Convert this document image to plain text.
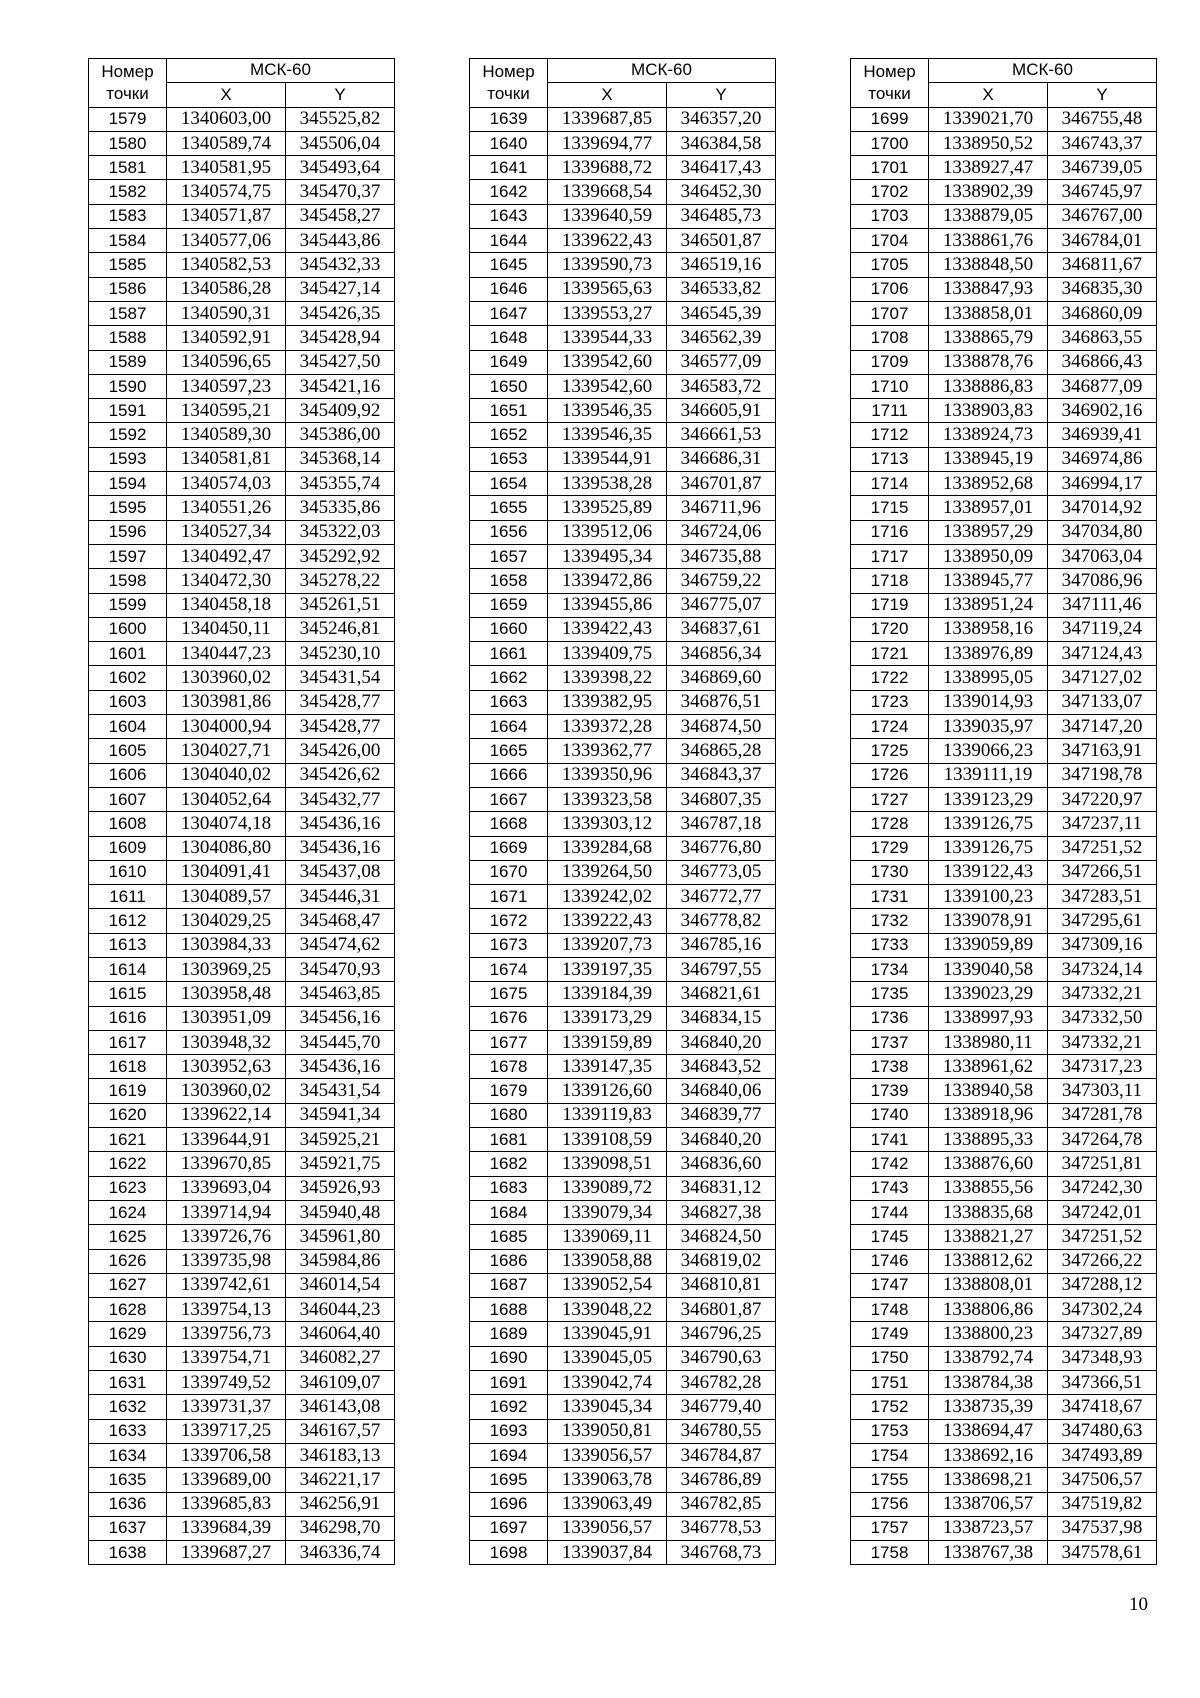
Номер
точки	МСК-60	
	X	Y
1579	1340603,00	345525,82
1580	1340589,74	345506,04
1581	1340581,95	345493,64
1582	1340574,75	345470,37
1583	1340571,87	345458,27
1584	1340577,06	345443,86
1585	1340582,53	345432,33
1586	1340586,28	345427,14
1587	1340590,31	345426,35
1588	1340592,91	345428,94
1589	1340596,65	345427,50
1590	1340597,23	345421,16
1591	1340595,21	345409,92
1592	1340589,30	345386,00
1593	1340581,81	345368,14
1594	1340574,03	345355,74
1595	1340551,26	345335,86
1596	1340527,34	345322,03
1597	1340492,47	345292,92
1598	1340472,30	345278,22
1599	1340458,18	345261,51
1600	1340450,11	345246,81
1601	1340447,23	345230,10
1602	1303960,02	345431,54
1603	1303981,86	345428,77
1604	1304000,94	345428,77
1605	1304027,71	345426,00
1606	1304040,02	345426,62
1607	1304052,64	345432,77
1608	1304074,18	345436,16
1609	1304086,80	345436,16
1610	1304091,41	345437,08
1611	1304089,57	345446,31
1612	1304029,25	345468,47
1613	1303984,33	345474,62
1614	1303969,25	345470,93
1615	1303958,48	345463,85
1616	1303951,09	345456,16
1617	1303948,32	345445,70
1618	1303952,63	345436,16
1619	1303960,02	345431,54
1620	1339622,14	345941,34
1621	1339644,91	345925,21
1622	1339670,85	345921,75
1623	1339693,04	345926,93
1624	1339714,94	345940,48
1625	1339726,76	345961,80
1626	1339735,98	345984,86
1627	1339742,61	346014,54
1628	1339754,13	346044,23
1629	1339756,73	346064,40
1630	1339754,71	346082,27
1631	1339749,52	346109,07
1632	1339731,37	346143,08
1633	1339717,25	346167,57
1634	1339706,58	346183,13
1635	1339689,00	346221,17
1636	1339685,83	346256,91
1637	1339684,39	346298,70
1638	1339687,27	346336,74
Номер
точки	МСК-60	
	X	Y
1639	1339687,85	346357,20
1640	1339694,77	346384,58
1641	1339688,72	346417,43
1642	1339668,54	346452,30
1643	1339640,59	346485,73
1644	1339622,43	346501,87
1645	1339590,73	346519,16
1646	1339565,63	346533,82
1647	1339553,27	346545,39
1648	1339544,33	346562,39
1649	1339542,60	346577,09
1650	1339542,60	346583,72
1651	1339546,35	346605,91
1652	1339546,35	346661,53
1653	1339544,91	346686,31
1654	1339538,28	346701,87
1655	1339525,89	346711,96
1656	1339512,06	346724,06
1657	1339495,34	346735,88
1658	1339472,86	346759,22
1659	1339455,86	346775,07
1660	1339422,43	346837,61
1661	1339409,75	346856,34
1662	1339398,22	346869,60
1663	1339382,95	346876,51
1664	1339372,28	346874,50
1665	1339362,77	346865,28
1666	1339350,96	346843,37
1667	1339323,58	346807,35
1668	1339303,12	346787,18
1669	1339284,68	346776,80
1670	1339264,50	346773,05
1671	1339242,02	346772,77
1672	1339222,43	346778,82
1673	1339207,73	346785,16
1674	1339197,35	346797,55
1675	1339184,39	346821,61
1676	1339173,29	346834,15
1677	1339159,89	346840,20
1678	1339147,35	346843,52
1679	1339126,60	346840,06
1680	1339119,83	346839,77
1681	1339108,59	346840,20
1682	1339098,51	346836,60
1683	1339089,72	346831,12
1684	1339079,34	346827,38
1685	1339069,11	346824,50
1686	1339058,88	346819,02
1687	1339052,54	346810,81
1688	1339048,22	346801,87
1689	1339045,91	346796,25
1690	1339045,05	346790,63
1691	1339042,74	346782,28
1692	1339045,34	346779,40
1693	1339050,81	346780,55
1694	1339056,57	346784,87
1695	1339063,78	346786,89
1696	1339063,49	346782,85
1697	1339056,57	346778,53
1698	1339037,84	346768,73
Номер
точки	МСК-60	
	X	Y
1699	1339021,70	346755,48
1700	1338950,52	346743,37
1701	1338927,47	346739,05
1702	1338902,39	346745,97
1703	1338879,05	346767,00
1704	1338861,76	346784,01
1705	1338848,50	346811,67
1706	1338847,93	346835,30
1707	1338858,01	346860,09
1708	1338865,79	346863,55
1709	1338878,76	346866,43
1710	1338886,83	346877,09
1711	1338903,83	346902,16
1712	1338924,73	346939,41
1713	1338945,19	346974,86
1714	1338952,68	346994,17
1715	1338957,01	347014,92
1716	1338957,29	347034,80
1717	1338950,09	347063,04
1718	1338945,77	347086,96
1719	1338951,24	347111,46
1720	1338958,16	347119,24
1721	1338976,89	347124,43
1722	1338995,05	347127,02
1723	1339014,93	347133,07
1724	1339035,97	347147,20
1725	1339066,23	347163,91
1726	1339111,19	347198,78
1727	1339123,29	347220,97
1728	1339126,75	347237,11
1729	1339126,75	347251,52
1730	1339122,43	347266,51
1731	1339100,23	347283,51
1732	1339078,91	347295,61
1733	1339059,89	347309,16
1734	1339040,58	347324,14
1735	1339023,29	347332,21
1736	1338997,93	347332,50
1737	1338980,11	347332,21
1738	1338961,62	347317,23
1739	1338940,58	347303,11
1740	1338918,96	347281,78
1741	1338895,33	347264,78
1742	1338876,60	347251,81
1743	1338855,56	347242,30
1744	1338835,68	347242,01
1745	1338821,27	347251,52
1746	1338812,62	347266,22
1747	1338808,01	347288,12
1748	1338806,86	347302,24
1749	1338800,23	347327,89
1750	1338792,74	347348,93
1751	1338784,38	347366,51
1752	1338735,39	347418,67
1753	1338694,47	347480,63
1754	1338692,16	347493,89
1755	1338698,21	347506,57
1756	1338706,57	347519,82
1757	1338723,57	347537,98
1758	1338767,38	347578,61
10
